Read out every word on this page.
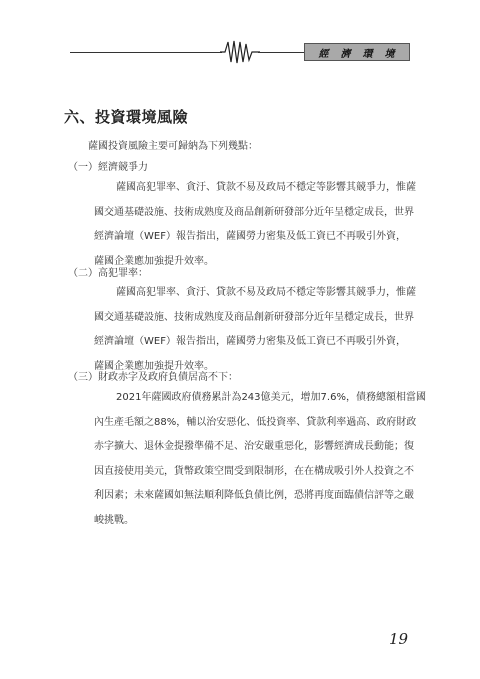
經 濟 環 境
六、投資環境風險
薩國投資風險主要可歸納為下列幾點：
（一）經濟競爭力

薩國高犯罪率、貪汙、貸款不易及政局不穩定等影響其競爭力，惟薩
國交通基礎設施、技術成熟度及商品創新研發部分近年呈穩定成長，世界
經濟論壇（WEF）報告指出，薩國勞力密集及低工資已不再吸引外資，
薩國企業應加強提升效率。

（二）高犯罪率：

薩國高犯罪率、貪汙、貸款不易及政局不穩定等影響其競爭力，惟薩
國交通基礎設施、技術成熟度及商品創新研發部分近年呈穩定成長，世界
經濟論壇（WEF）報告指出，薩國勞力密集及低工資已不再吸引外資，
薩國企業應加強提升效率。

（三）財政赤字及政府負債居高不下：

2021年薩國政府債務累計為243億美元，增加7.6%，債務總額相當國
內生產毛額之88%，輔以治安惡化、低投資率、貸款利率過高、政府財政
赤字擴大、退休金提撥準備不足、治安嚴重惡化，影響經濟成長動能；復
因直接使用美元，貨幣政策空間受到限制形，在在構成吸引外人投資之不
利因素；未來薩國如無法順利降低負債比例，恐將再度面臨債信評等之嚴
峻挑戰。

19
